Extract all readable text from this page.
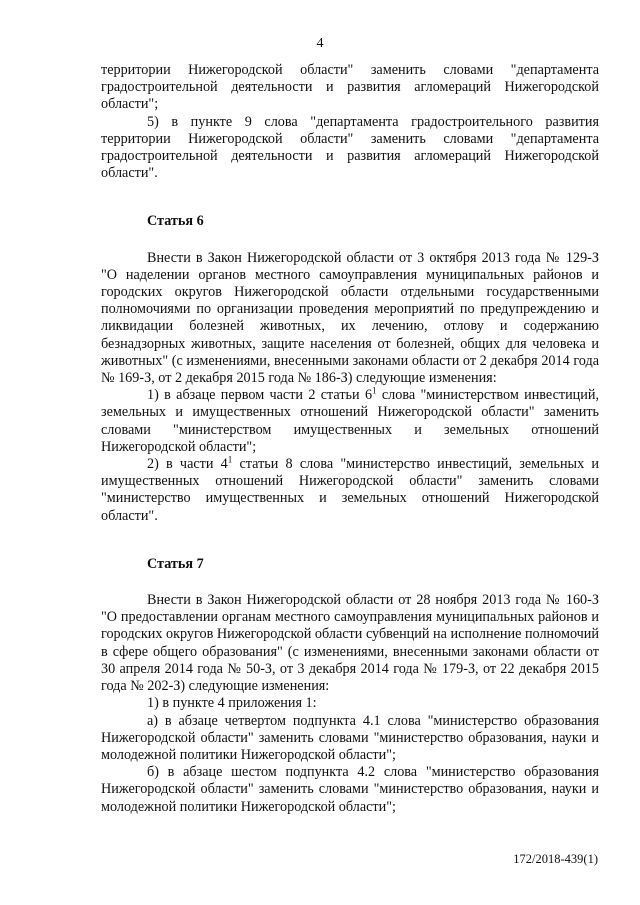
4

территории Нижегородской области" заменить словами "департамента градостроительной деятельности и развития агломераций Нижегородской области";

5) в пункте 9 слова "департамента градостроительного развития территории Нижегородской области" заменить словами "департамента градостроительной деятельности и развития агломераций Нижегородской области".

Статья 6

Внести в Закон Нижегородской области от 3 октября 2013 года № 129-З "О наделении органов местного самоуправления муниципальных районов и городских округов Нижегородской области отдельными государственными полномочиями по организации проведения мероприятий по предупреждению и ликвидации болезней животных, их лечению, отлову и содержанию безнадзорных животных, защите населения от болезней, общих для человека и животных" (с изменениями, внесенными законами области от 2 декабря 2014 года № 169-З, от 2 декабря 2015 года № 186-З) следующие изменения:

1) в абзаце первом части 2 статьи $6^1$ слова "министерством инвестиций, земельных и имущественных отношений Нижегородской области" заменить словами "министерством имущественных и земельных отношений Нижегородской области";

2) в части $4^1$ статьи 8 слова "министерство инвестиций, земельных и имущественных отношений Нижегородской области" заменить словами "министерство имущественных и земельных отношений Нижегородской области".

Статья 7

Внести в Закон Нижегородской области от 28 ноября 2013 года № 160-З "О предоставлении органам местного самоуправления муниципальных районов и городских округов Нижегородской области субвенций на исполнение полномочий в сфере общего образования" (с изменениями, внесенными законами области от 30 апреля 2014 года № 50-З, от 3 декабря 2014 года № 179-З, от 22 декабря 2015 года № 202-З) следующие изменения:

1) в пункте 4 приложения 1:

а) в абзаце четвертом подпункта 4.1 слова "министерство образования Нижегородской области" заменить словами "министерство образования, науки и молодежной политики Нижегородской области";

б) в абзаце шестом подпункта 4.2 слова "министерство образования Нижегородской области" заменить словами "министерство образования, науки и молодежной политики Нижегородской области";

172/2018-439(1)
